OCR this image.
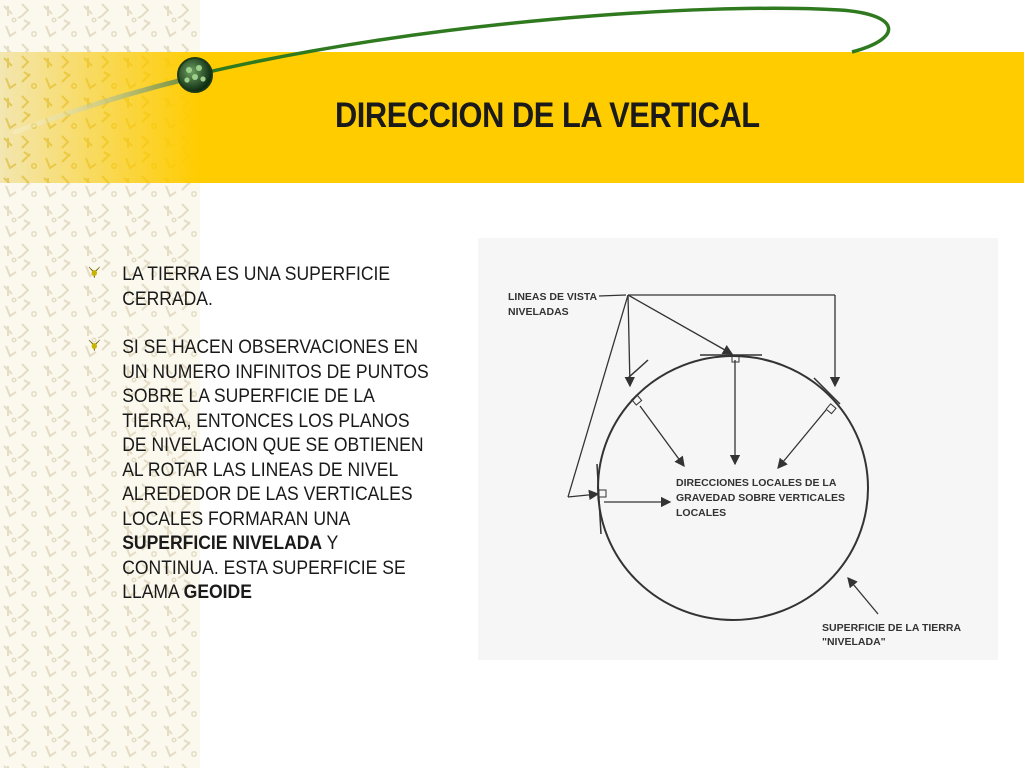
DIRECCION DE LA VERTICAL
LA TIERRA ES UNA SUPERFICIE CERRADA.
SI SE HACEN OBSERVACIONES EN UN NUMERO INFINITOS DE PUNTOS SOBRE LA SUPERFICIE DE LA TIERRA, ENTONCES LOS PLANOS DE NIVELACION QUE SE OBTIENEN AL ROTAR LAS LINEAS DE NIVEL ALREDEDOR DE LAS VERTICALES LOCALES FORMARAN UNA SUPERFICIE NIVELADA Y CONTINUA. ESTA SUPERFICIE SE LLAMA GEOIDE
LINEAS DE VISTA NIVELADAS
DIRECCIONES LOCALES DE LA GRAVEDAD SOBRE VERTICALES LOCALES
SUPERFICIE DE LA TIERRA "NIVELADA"
